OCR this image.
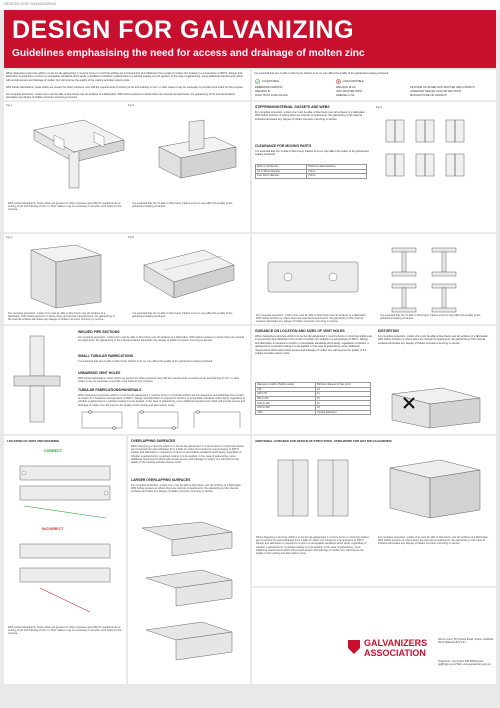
DESIGN FOR GALVANIZING
DESIGN FOR GALVANIZING
Guidelines emphasising the need for access and drainage of molten zinc
When designing a structure which is to be hot dip galvanized, it must be borne in mind that articles are immersed into and withdrawn from a bath of molten zinc heated to a temperature of 450°C. Design and fabrication is required to conform to acceptable standards which apply, regardless of whether a galvanized or a painted coating is to be applied. In the case of galvanizing, some additional requirements which will provide access and drainage of molten zinc will improve the quality of the coating and also reduce costs.
With certain fabrications, holes which are present for other purposes may fulfil the requirements of venting of air and draining of zinc. In other cases it may be necessary to provide extra holes for this purpose.
For complete protection, molten zinc must be able to flow freely over all surfaces of a fabrication. With hollow sections or where there are internal compartments, the galvanizing of the internal surfaces eliminates any danger of hidden corrosion occurring in service.
It is essential that zinc is able to flow freely. Failure to do so may affect the quality of the galvanized coating produced.
ACCEPTABLE	UNACCEPTABLE
EMBEDDED MARKING
WELDING ID
LIGHT RUST & MILLSCALE
WELDING SLAG
ANTI-SPATTER PAINT
GREASE or OIL
SILICONE OIL BASED ANTI-SPATTER WELD SPRAYS
UNVENTED SEALED HOLLOW SECTIONS
MANUFACTURE OR GRAFFITI
Fig 1	Fig 2
With certain fabrications, holes which are present for other purposes may fulfil the requirements of venting of air and draining of zinc. In other cases it may be necessary to provide extra holes for this purpose.
It is essential that zinc is able to flow freely. Failure to do so may affect the quality of the galvanized coating produced.
STIFFENING/INTERNAL GUSSETS AND WEBS
For complete protection, molten zinc must be able to flow freely over all surfaces of a fabrication. With hollow sections or where there are internal compartments, the galvanizing of the internal surfaces eliminates any danger of hidden corrosion occurring in service.
CLEARANCE FOR MOVING PARTS
It is essential that zinc is able to flow freely. Failure to do so may affect the quality of the galvanized coating produced.
Shaft or spindle size	Minimum radial clearance
Up to 30mm diameter	2.0mm
Over 30mm diameter	2.5mm
Fig 3
Fig 4	Fig 5
For complete protection, molten zinc must be able to flow freely over all surfaces of a fabrication. With hollow sections or where there are internal compartments, the galvanizing of the internal surfaces eliminates any danger of hidden corrosion occurring in service.
It is essential that zinc is able to flow freely. Failure to do so may affect the quality of the galvanized coating produced.	For complete protection, molten zinc must be able to flow freely over all surfaces of a fabrication. With hollow sections or where there are internal compartments, the galvanizing of the internal surfaces eliminates any danger of hidden corrosion occurring in service.
It is essential that zinc is able to flow freely. Failure to do so may affect the quality of the galvanized coating produced.
WELDED PIPE SECTIONS
For complete protection, molten zinc must be able to flow freely over all surfaces of a fabrication. With hollow sections or where there are internal compartments, the galvanizing of the internal surfaces eliminates any danger of hidden corrosion occurring in service.
SMALL TUBULAR FABRICATIONS
It is essential that zinc is able to flow freely. Failure to do so may affect the quality of the galvanized coating produced.
UNMARKED VENT HOLES
With certain fabrications, holes which are present for other purposes may fulfil the requirements of venting of air and draining of zinc. In other cases it may be necessary to provide extra holes for this purpose.
TUBULAR FABRICATIONS/HANDRAILS
When designing a structure which is to be hot dip galvanized, it must be borne in mind that articles are immersed into and withdrawn from a bath of molten zinc heated to a temperature of 450°C. Design and fabrication is required to conform to acceptable standards which apply, regardless of whether a galvanized or a painted coating is to be applied. In the case of galvanizing, some additional requirements which will provide access and drainage of molten zinc will improve the quality of the coating and also reduce costs.
GUIDANCE ON LOCATION AND SIZES OF VENT HOLES
When designing a structure which is to be hot dip galvanized, it must be borne in mind that articles are immersed into and withdrawn from a bath of molten zinc heated to a temperature of 450°C. Design and fabrication is required to conform to acceptable standards which apply, regardless of whether a galvanized or a painted coating is to be applied. In the case of galvanizing, some additional requirements which will provide access and drainage of molten zinc will improve the quality of the coating and also reduce costs.
Diameter or width of hollow section	Minimum diameter of hole (mm)
<25	10
≥25 to 50	12
≥50 to 100	16
≥100 to 150	20
≥150 to 200	25
>200	Consult galvanizer
DISTORTION
For complete protection, molten zinc must be able to flow freely over all surfaces of a fabrication. With hollow sections or where there are internal compartments, the galvanizing of the internal surfaces eliminates any danger of hidden corrosion occurring in service.
LOCATION OF VENT AND DRAINING
CORRECT
INCORRECT
With certain fabrications, holes which are present for other purposes may fulfil the requirements of venting of air and draining of zinc. In other cases it may be necessary to provide extra holes for this purpose.
OVERLAPPING SURFACES
When designing a structure which is to be hot dip galvanized, it must be borne in mind that articles are immersed into and withdrawn from a bath of molten zinc heated to a temperature of 450°C. Design and fabrication is required to conform to acceptable standards which apply, regardless of whether a galvanized or a painted coating is to be applied. In the case of galvanizing, some additional requirements which will provide access and drainage of molten zinc will improve the quality of the coating and also reduce costs.
LARGER OVERLAPPING SURFACES
For complete protection, molten zinc must be able to flow freely over all surfaces of a fabrication. With hollow sections or where there are internal compartments, the galvanizing of the internal surfaces eliminates any danger of hidden corrosion occurring in service.
ADDITIONAL GUIDANCE FOR DESIGN OF STRUCTURAL STEELWORK FOR HOT DIP GALVANIZING
When designing a structure which is to be hot dip galvanized, it must be borne in mind that articles are immersed into and withdrawn from a bath of molten zinc heated to a temperature of 450°C. Design and fabrication is required to conform to acceptable standards which apply, regardless of whether a galvanized or a painted coating is to be applied. In the case of galvanizing, some additional requirements which will provide access and drainage of molten zinc will improve the quality of the coating and also reduce costs.
For complete protection, molten zinc must be able to flow freely over all surfaces of a fabrication. With hollow sections or where there are internal compartments, the galvanizing of the internal surfaces eliminates any danger of hidden corrosion occurring in service.
GALVANIZERS
ASSOCIATION
Wrens Court, 56 Victoria Road, Sutton Coldfield, West Midlands B72 1SY
Telephone: +44 (0)121 355 8838 Email: ga@hdg.org.uk Web: www.galvanizing.org.uk
